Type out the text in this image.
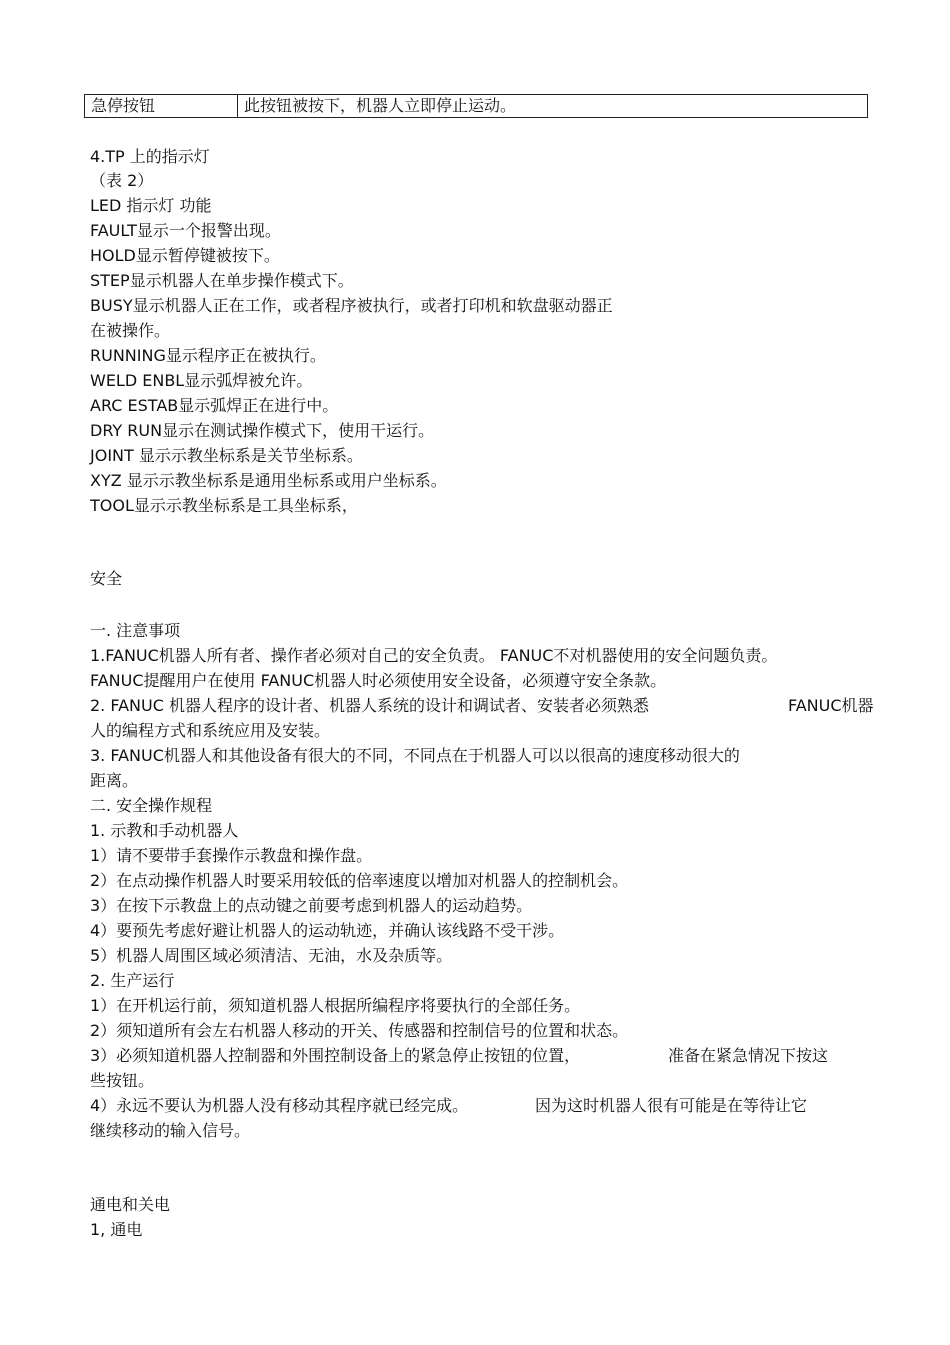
急停按钮	此按钮被按下，机器人立即停止运动。
4.TP 上的指示灯
（表 2）
LED 指示灯 功能
FAULT显示一个报警出现。
HOLD显示暂停键被按下。
STEP显示机器人在单步操作模式下。
BUSY显示机器人正在工作，或者程序被执行，或者打印机和软盘驱动器正
在被操作。
RUNNING显示程序正在被执行。
WELD ENBL显示弧焊被允许。
ARC ESTAB显示弧焊正在进行中。
DRY RUN显示在测试操作模式下，使用干运行。
JOINT 显示示教坐标系是关节坐标系。
XYZ 显示示教坐标系是通用坐标系或用户坐标系。
TOOL显示示教坐标系是工具坐标系，
安全
一. 注意事项
1.FANUC机器人所有者、操作者必须对自己的安全负责。 FANUC不对机器使用的安全问题负责。
FANUC提醒用户在使用 FANUC机器人时必须使用安全设备，必须遵守安全条款。
2. FANUC 机器人程序的设计者、机器人系统的设计和调试者、安装者必须熟悉	FANUC机器
人的编程方式和系统应用及安装。
3. FANUC机器人和其他设备有很大的不同，不同点在于机器人可以以很高的速度移动很大的
距离。
二. 安全操作规程
1. 示教和手动机器人
1）请不要带手套操作示教盘和操作盘。
2）在点动操作机器人时要采用较低的倍率速度以增加对机器人的控制机会。
3）在按下示教盘上的点动键之前要考虑到机器人的运动趋势。
4）要预先考虑好避让机器人的运动轨迹，并确认该线路不受干涉。
5）机器人周围区域必须清洁、无油，水及杂质等。
2. 生产运行
1）在开机运行前，须知道机器人根据所编程序将要执行的全部任务。
2）须知道所有会左右机器人移动的开关、传感器和控制信号的位置和状态。
3）必须知道机器人控制器和外围控制设备上的紧急停止按钮的位置，	准备在紧急情况下按这
些按钮。
4）永远不要认为机器人没有移动其程序就已经完成。	因为这时机器人很有可能是在等待让它
继续移动的输入信号。
通电和关电
1, 通电
